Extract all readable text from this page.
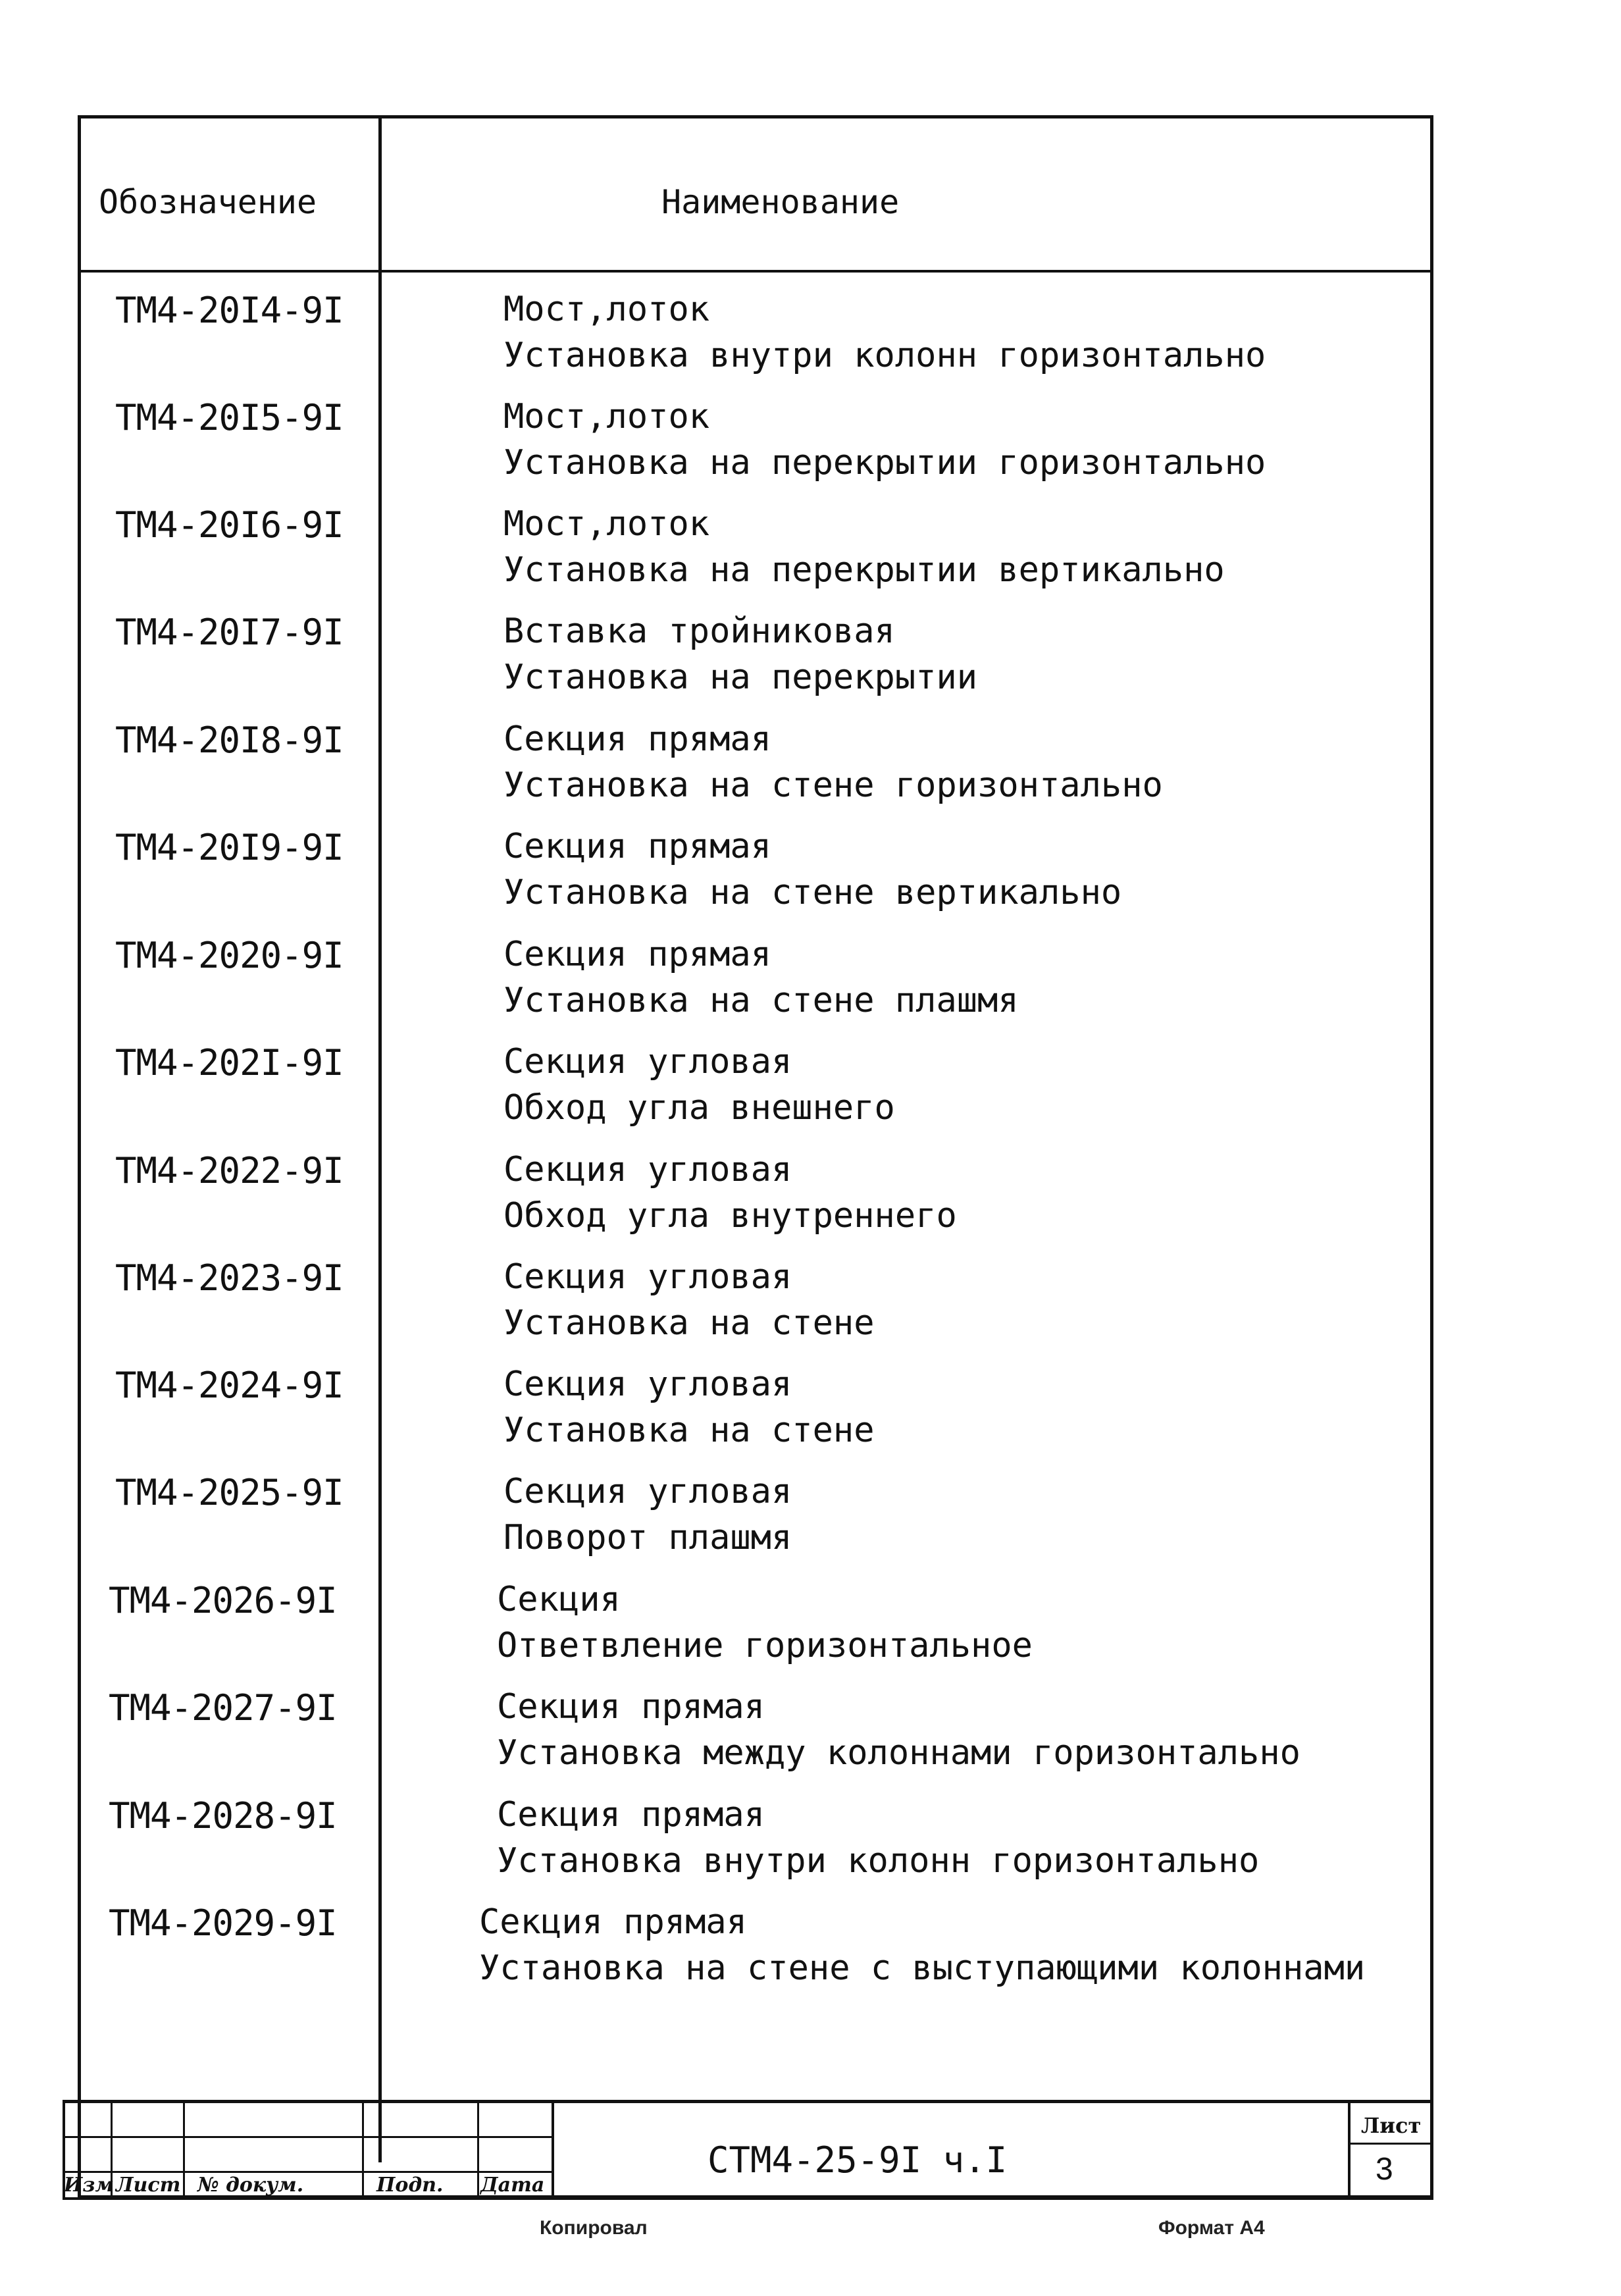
Обозначение	Наименование
ТМ4-20I4-9I	Мост,лоток
Установка внутри колонн горизонтально
ТМ4-20I5-9I	Мост,лоток
Установка на перекрытии горизонтально
ТМ4-20I6-9I	Мост,лоток
Установка на перекрытии вертикально
ТМ4-20I7-9I	Вставка тройниковая
Установка на перекрытии
ТМ4-20I8-9I	Секция прямая
Установка на стене горизонтально
ТМ4-20I9-9I	Секция прямая
Установка на стене вертикально
ТМ4-2020-9I	Секция прямая
Установка на стене плашмя
ТМ4-202I-9I	Секция угловая
Обход угла внешнего
ТМ4-2022-9I	Секция угловая
Обход угла внутреннего
ТМ4-2023-9I	Секция угловая
Установка на стене
ТМ4-2024-9I	Секция угловая
Установка на стене
ТМ4-2025-9I	Секция угловая
Поворот плашмя
ТМ4-2026-9I	Секция
Ответвление горизонтальное
ТМ4-2027-9I	Секция прямая
Установка между колоннами горизонтально
ТМ4-2028-9I	Секция прямая
Установка внутри колонн горизонтально
ТМ4-2029-9I	Секция прямая
Установка на стене с выступающими колоннами
Изм Лист № докум.	Подп. Дата
СТМ4-25-9I ч.I
Лист
3
Копировал	Формат А4
